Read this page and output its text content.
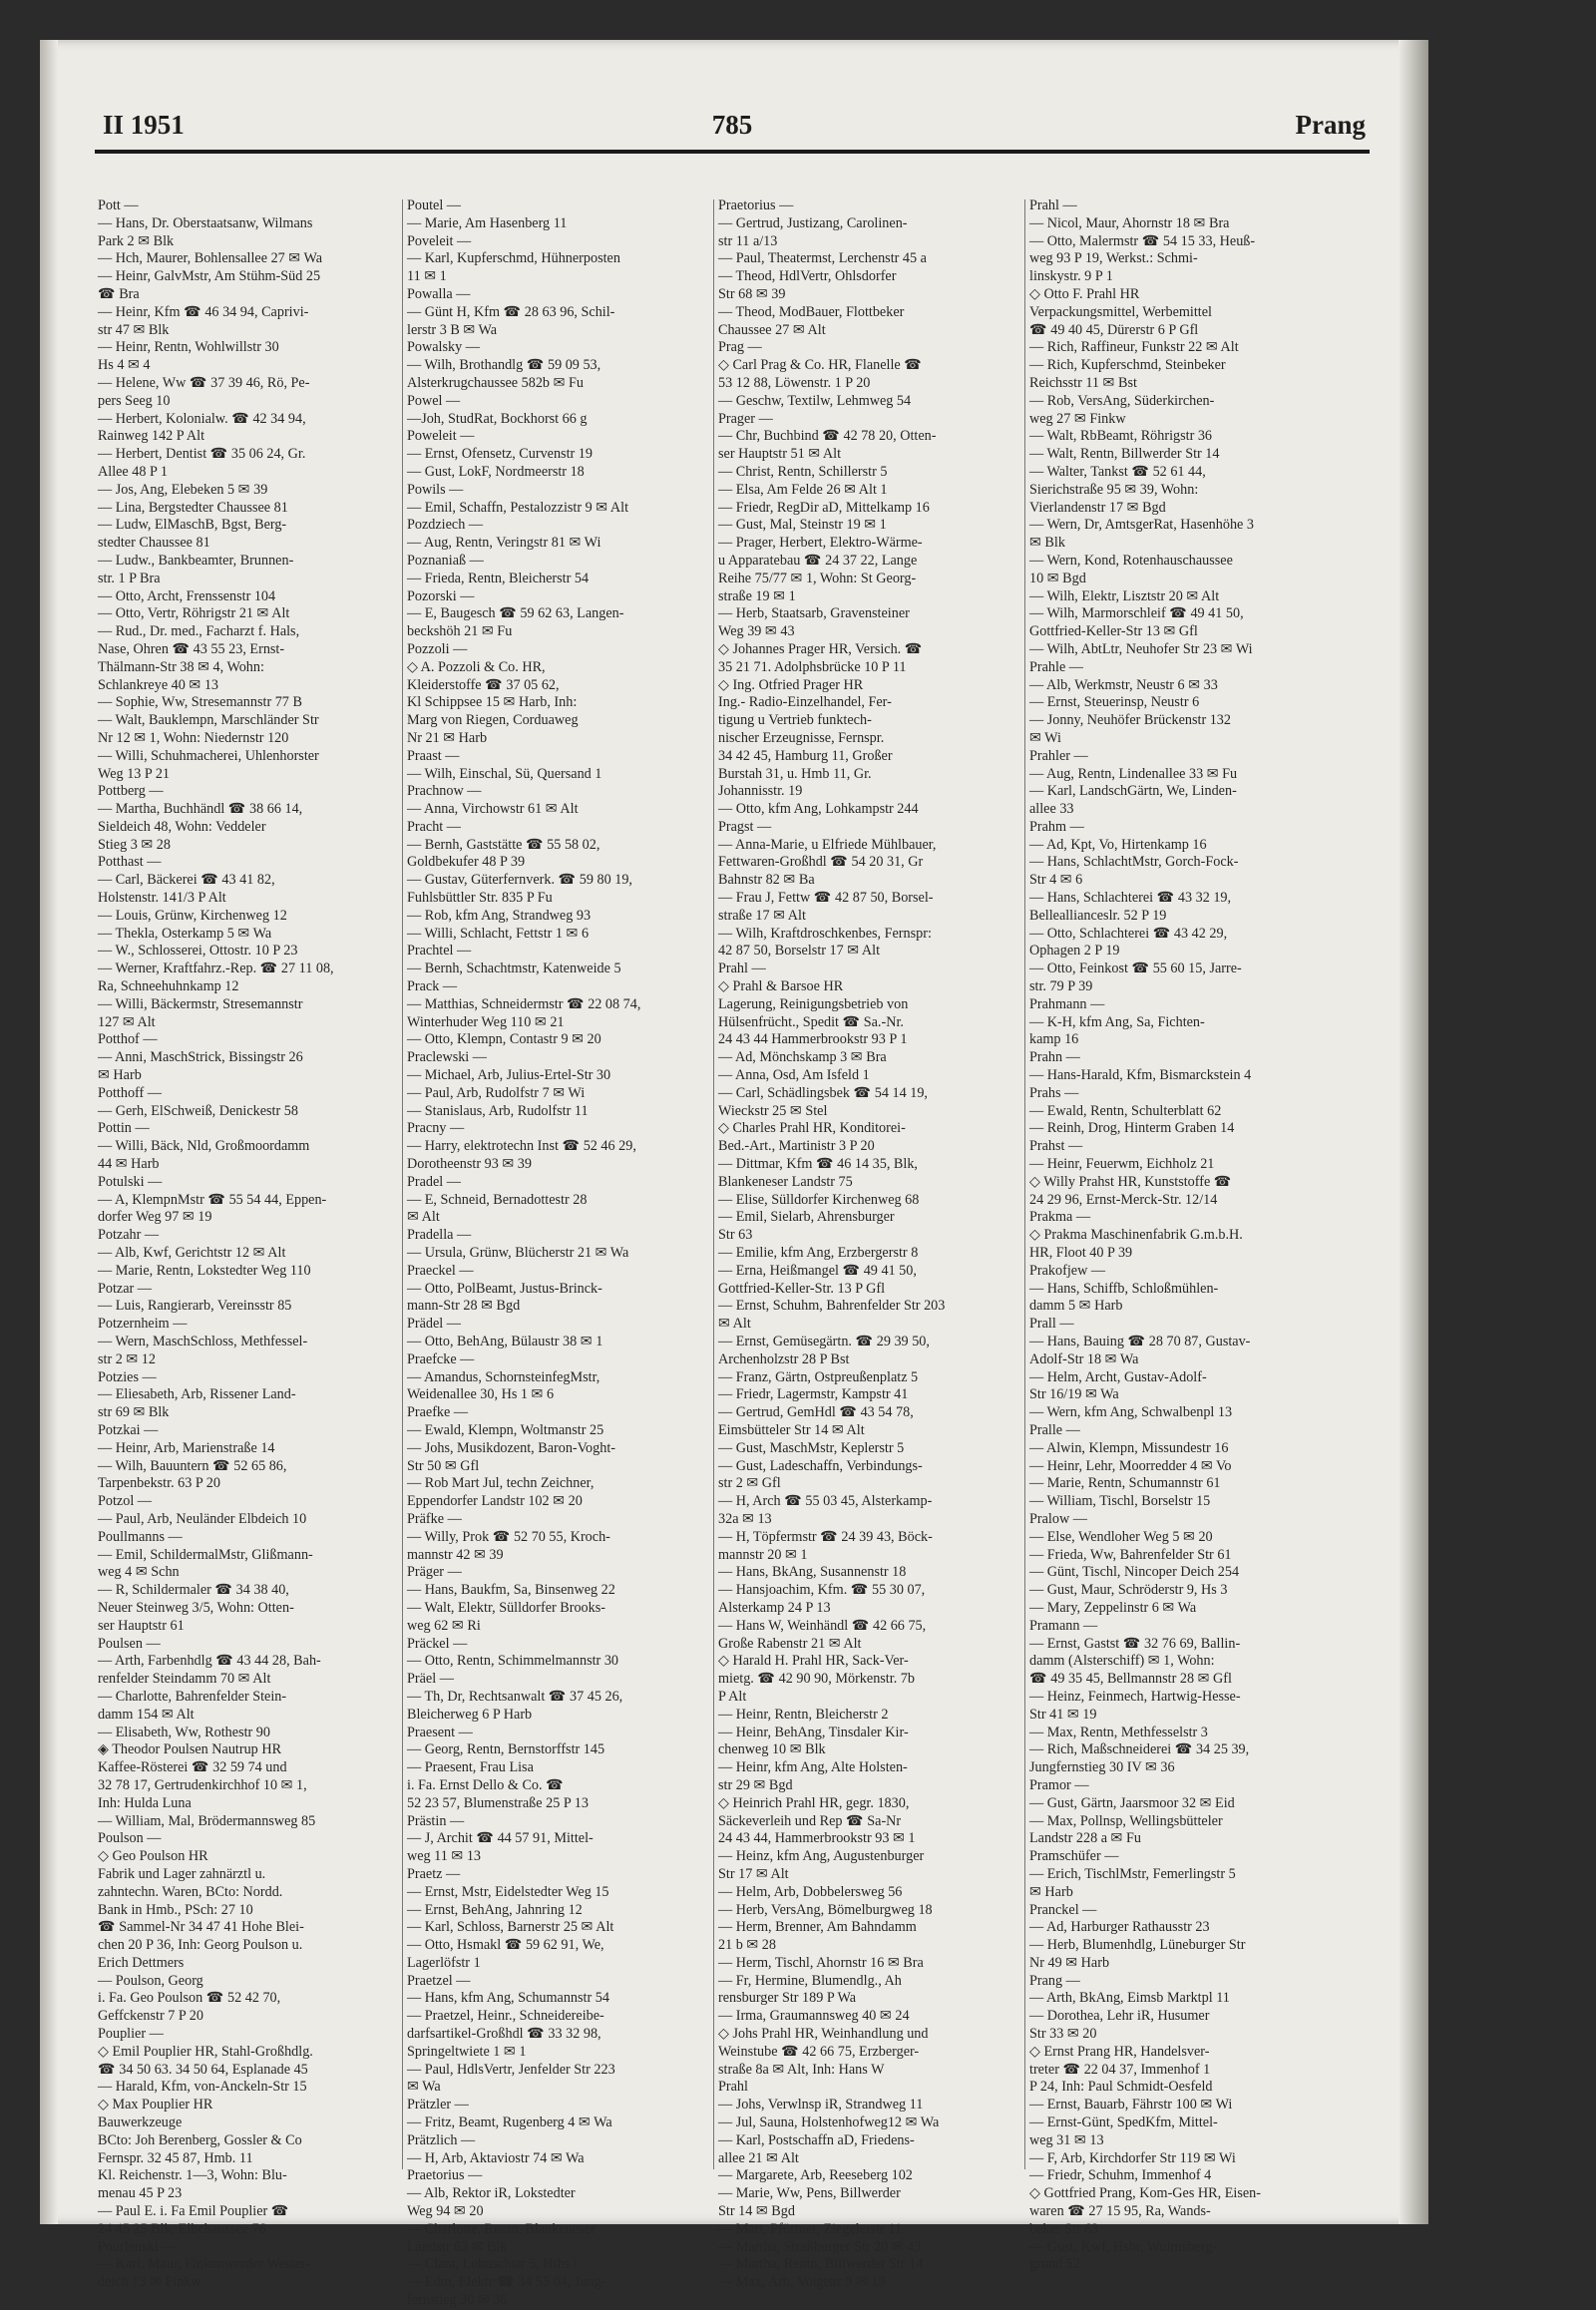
II 1951	785	Prang

Pott —

— Hans, Dr. Oberstaatsanw, Wilmans

Park 2 ✉ Blk

— Hch, Maurer, Bohlensallee 27 ✉ Wa

— Heinr, GalvMstr, Am Stühm-Süd 25

☎ Bra

— Heinr, Kfm ☎ 46 34 94, Caprivi-

str 47 ✉ Blk

— Heinr, Rentn, Wohlwillstr 30

Hs 4 ✉ 4

— Helene, Ww ☎ 37 39 46, Rö, Pe-

pers Seeg 10

— Herbert, Kolonialw. ☎ 42 34 94,

Rainweg 142 P Alt

— Herbert, Dentist ☎ 35 06 24, Gr.

Allee 48 P 1

— Jos, Ang, Elebeken 5 ✉ 39

— Lina, Bergstedter Chaussee 81

— Ludw, ElMaschB, Bgst, Berg-

stedter Chaussee 81

— Ludw., Bankbeamter, Brunnen-

str. 1 P Bra

— Otto, Archt, Frenssenstr 104

— Otto, Vertr, Röhrigstr 21 ✉ Alt

— Rud., Dr. med., Facharzt f. Hals,

Nase, Ohren ☎ 43 55 23, Ernst-

Thälmann-Str 38 ✉ 4, Wohn:

Schlankreye 40 ✉ 13

— Sophie, Ww, Stresemannstr 77 B

— Walt, Bauklempn, Marschländer Str

Nr 12 ✉ 1, Wohn: Niedernstr 120

— Willi, Schuhmacherei, Uhlenhorster

Weg 13 P 21

Pottberg —

— Martha, Buchhändl ☎ 38 66 14,

Sieldeich 48, Wohn: Veddeler

Stieg 3 ✉ 28

Potthast —

— Carl, Bäckerei ☎ 43 41 82,

Holstenstr. 141/3 P Alt

— Louis, Grünw, Kirchenweg 12

— Thekla, Osterkamp 5 ✉ Wa

— W., Schlosserei, Ottostr. 10 P 23

— Werner, Kraftfahrz.-Rep. ☎ 27 11 08,

Ra, Schneehuhnkamp 12

— Willi, Bäckermstr, Stresemannstr

127 ✉ Alt

Potthof —

— Anni, MaschStrick, Bissingstr 26

✉ Harb

Potthoff —

— Gerh, ElSchweiß, Denickestr 58

Pottin —

— Willi, Bäck, Nld, Großmoordamm

44 ✉ Harb

Potulski —

— A, KlempnMstr ☎ 55 54 44, Eppen-

dorfer Weg 97 ✉ 19

Potzahr —

— Alb, Kwf, Gerichtstr 12 ✉ Alt

— Marie, Rentn, Lokstedter Weg 110

Potzar —

— Luis, Rangierarb, Vereinsstr 85

Potzernheim —

— Wern, MaschSchloss, Methfessel-

str 2 ✉ 12

Potzies —

— Eliesabeth, Arb, Rissener Land-

str 69 ✉ Blk

Potzkai —

— Heinr, Arb, Marienstraße 14

— Wilh, Bauuntern ☎ 52 65 86,

Tarpenbekstr. 63 P 20

Potzol —

— Paul, Arb, Neuländer Elbdeich 10

Poullmanns —

— Emil, SchildermalMstr, Glißmann-

weg 4 ✉ Schn

— R, Schildermaler ☎ 34 38 40,

Neuer Steinweg 3/5, Wohn: Otten-

ser Hauptstr 61

Poulsen —

— Arth, Farbenhdlg ☎ 43 44 28, Bah-

renfelder Steindamm 70 ✉ Alt

— Charlotte, Bahrenfelder Stein-

damm 154 ✉ Alt

— Elisabeth, Ww, Rothestr 90

◈ Theodor Poulsen Nautrup HR

Kaffee-Rösterei ☎ 32 59 74 und

32 78 17, Gertrudenkirchhof 10 ✉ 1,

Inh: Hulda Luna

— William, Mal, Brödermannsweg 85

Poulson —

◇ Geo Poulson HR

Fabrik und Lager zahnärztl u.

zahntechn. Waren, BCto: Nordd.

Bank in Hmb., PSch: 27 10

☎ Sammel-Nr 34 47 41 Hohe Blei-

chen 20 P 36, Inh: Georg Poulson u.

Erich Dettmers

— Poulson, Georg

i. Fa. Geo Poulson ☎ 52 42 70,

Geffckenstr 7 P 20

Pouplier —

◇ Emil Pouplier HR, Stahl-Großhdlg.

☎ 34 50 63. 34 50 64, Esplanade 45

— Harald, Kfm, von-Anckeln-Str 15

◇ Max Pouplier HR

Bauwerkzeuge

BCto: Joh Berenberg, Gossler & Co

Fernspr. 32 45 87, Hmb. 11

Kl. Reichenstr. 1—3, Wohn: Blu-

menau 45 P 23

— Paul E. i. Fa Emil Pouplier ☎

24 45 25 Blk, Elbchaussee 76

Pourlenski —

— Karl, Maur, Finkenwerder Wester-

deich 13 ✉ Finkw

Poutel —

— Marie, Am Hasenberg 11

Poveleit —

— Karl, Kupferschmd, Hühnerposten

11 ✉ 1

Powalla —

— Günt H, Kfm ☎ 28 63 96, Schil-

lerstr 3 B ✉ Wa

Powalsky —

— Wilh, Brothandlg ☎ 59 09 53,

Alsterkrugchaussee 582b ✉ Fu

Powel —

—Joh, StudRat, Bockhorst 66 g

Poweleit —

— Ernst, Ofensetz, Curvenstr 19

— Gust, LokF, Nordmeerstr 18

Powils —

— Emil, Schaffn, Pestalozzistr 9 ✉ Alt

Pozdziech —

— Aug, Rentn, Veringstr 81 ✉ Wi

Poznaniaß —

— Frieda, Rentn, Bleicherstr 54

Pozorski —

— E, Baugesch ☎ 59 62 63, Langen-

beckshöh 21 ✉ Fu

Pozzoli —

◇ A. Pozzoli & Co. HR,

Kleiderstoffe ☎ 37 05 62,

Kl Schippsee 15 ✉ Harb, Inh:

Marg von Riegen, Corduaweg

Nr 21 ✉ Harb

Praast —

— Wilh, Einschal, Sü, Quersand 1

Prachnow —

— Anna, Virchowstr 61 ✉ Alt

Pracht —

— Bernh, Gaststätte ☎ 55 58 02,

Goldbekufer 48 P 39

— Gustav, Güterfernverk. ☎ 59 80 19,

Fuhlsbüttler Str. 835 P Fu

— Rob, kfm Ang, Strandweg 93

— Willi, Schlacht, Fettstr 1 ✉ 6

Prachtel —

— Bernh, Schachtmstr, Katenweide 5

Prack —

— Matthias, Schneidermstr ☎ 22 08 74,

Winterhuder Weg 110 ✉ 21

— Otto, Klempn, Contastr 9 ✉ 20

Praclewski —

— Michael, Arb, Julius-Ertel-Str 30

— Paul, Arb, Rudolfstr 7 ✉ Wi

— Stanislaus, Arb, Rudolfstr 11

Pracny —

— Harry, elektrotechn Inst ☎ 52 46 29,

Dorotheenstr 93 ✉ 39

Pradel —

— E, Schneid, Bernadottestr 28

✉ Alt

Pradella —

— Ursula, Grünw, Blücherstr 21 ✉ Wa

Praeckel —

— Otto, PolBeamt, Justus-Brinck-

mann-Str 28 ✉ Bgd

Prädel —

— Otto, BehAng, Bülaustr 38 ✉ 1

Praefcke —

— Amandus, SchornsteinfegMstr,

Weidenallee 30, Hs 1 ✉ 6

Praefke —

— Ewald, Klempn, Woltmanstr 25

— Johs, Musikdozent, Baron-Voght-

Str 50 ✉ Gfl

— Rob Mart Jul, techn Zeichner,

Eppendorfer Landstr 102 ✉ 20

Präfke —

— Willy, Prok ☎ 52 70 55, Kroch-

mannstr 42 ✉ 39

Präger —

— Hans, Baukfm, Sa, Binsenweg 22

— Walt, Elektr, Sülldorfer Brooks-

weg 62 ✉ Ri

Präckel —

— Otto, Rentn, Schimmelmannstr 30

Präel —

— Th, Dr, Rechtsanwalt ☎ 37 45 26,

Bleicherweg 6 P Harb

Praesent —

— Georg, Rentn, Bernstorffstr 145

— Praesent, Frau Lisa

i. Fa. Ernst Dello & Co. ☎

52 23 57, Blumenstraße 25 P 13

Prästin —

— J, Archit ☎ 44 57 91, Mittel-

weg 11 ✉ 13

Praetz —

— Ernst, Mstr, Eidelstedter Weg 15

— Ernst, BehAng, Jahnring 12

— Karl, Schloss, Barnerstr 25 ✉ Alt

— Otto, Hsmakl ☎ 59 62 91, We,

Lagerlöfstr 1

Praetzel —

— Hans, kfm Ang, Schumannstr 54

— Praetzel, Heinr., Schneidereibe-

darfsartikel-Großhdl ☎ 33 32 98,

Springeltwiete 1 ✉ 1

— Paul, HdlsVertr, Jenfelder Str 223

✉ Wa

Prätzler —

— Fritz, Beamt, Rugenberg 4 ✉ Wa

Prätzlich —

— H, Arb, Aktaviostr 74 ✉ Wa

Praetorius —

— Alb, Rektor iR, Lokstedter

Weg 94 ✉ 20

— Charlotte, Rentn, Blankeneser

Landstr 63 ✉ Blk

— Clara, Lobuschstr 5, Hths !

— Edm, Elektr ☎ 34 55 04, Jung-

fernstieg 30 ✉ 36

Praetorius —

— Gertrud, Justizang, Carolinen-

str 11 a/13

— Paul, Theatermst, Lerchenstr 45 a

— Theod, HdlVertr, Ohlsdorfer

Str 68 ✉ 39

— Theod, ModBauer, Flottbeker

Chaussee 27 ✉ Alt

Prag —

◇ Carl Prag & Co. HR, Flanelle ☎

53 12 88, Löwenstr. 1 P 20

— Geschw, Textilw, Lehmweg 54

Prager —

— Chr, Buchbind ☎ 42 78 20, Otten-

ser Hauptstr 51 ✉ Alt

— Christ, Rentn, Schillerstr 5

— Elsa, Am Felde 26 ✉ Alt 1

— Friedr, RegDir aD, Mittelkamp 16

— Gust, Mal, Steinstr 19 ✉ 1

— Prager, Herbert, Elektro-Wärme-

u Apparatebau ☎ 24 37 22, Lange

Reihe 75/77 ✉ 1, Wohn: St Georg-

straße 19 ✉ 1

— Herb, Staatsarb, Gravensteiner

Weg 39 ✉ 43

◇ Johannes Prager HR, Versich. ☎

35 21 71. Adolphsbrücke 10 P 11

◇ Ing. Otfried Prager HR

Ing.- Radio-Einzelhandel, Fer-

tigung u Vertrieb funktech-

nischer Erzeugnisse, Fernspr.

34 42 45, Hamburg 11, Großer

Burstah 31, u. Hmb 11, Gr.

Johannisstr. 19

— Otto, kfm Ang, Lohkampstr 244

Pragst —

— Anna-Marie, u Elfriede Mühlbauer,

Fettwaren-Großhdl ☎ 54 20 31, Gr

Bahnstr 82 ✉ Ba

— Frau J, Fettw ☎ 42 87 50, Borsel-

straße 17 ✉ Alt

— Wilh, Kraftdroschkenbes, Fernspr:

42 87 50, Borselstr 17 ✉ Alt

Prahl —

◇ Prahl & Barsoe HR

Lagerung, Reinigungsbetrieb von

Hülsenfrücht., Spedit ☎ Sa.-Nr.

24 43 44 Hammerbrookstr 93 P 1

— Ad, Mönchskamp 3 ✉ Bra

— Anna, Osd, Am Isfeld 1

— Carl, Schädlingsbek ☎ 54 14 19,

Wieckstr 25 ✉ Stel

◇ Charles Prahl HR, Konditorei-

Bed.-Art., Martinistr 3 P 20

— Dittmar, Kfm ☎ 46 14 35, Blk,

Blankeneser Landstr 75

— Elise, Sülldorfer Kirchenweg 68

— Emil, Sielarb, Ahrensburger

Str 63

— Emilie, kfm Ang, Erzbergerstr 8

— Erna, Heißmangel ☎ 49 41 50,

Gottfried-Keller-Str. 13 P Gfl

— Ernst, Schuhm, Bahrenfelder Str 203

✉ Alt

— Ernst, Gemüsegärtn. ☎ 29 39 50,

Archenholzstr 28 P Bst

— Franz, Gärtn, Ostpreußenplatz 5

— Friedr, Lagermstr, Kampstr 41

— Gertrud, GemHdl ☎ 43 54 78,

Eimsbütteler Str 14 ✉ Alt

— Gust, MaschMstr, Keplerstr 5

— Gust, Ladeschaffn, Verbindungs-

str 2 ✉ Gfl

— H, Arch ☎ 55 03 45, Alsterkamp-

32a ✉ 13

— H, Töpfermstr ☎ 24 39 43, Böck-

mannstr 20 ✉ 1

— Hans, BkAng, Susannenstr 18

— Hansjoachim, Kfm. ☎ 55 30 07,

Alsterkamp 24 P 13

— Hans W, Weinhändl ☎ 42 66 75,

Große Rabenstr 21 ✉ Alt

◇ Harald H. Prahl HR, Sack-Ver-

mietg. ☎ 42 90 90, Mörkenstr. 7b

P Alt

— Heinr, Rentn, Bleicherstr 2

— Heinr, BehAng, Tinsdaler Kir-

chenweg 10 ✉ Blk

— Heinr, kfm Ang, Alte Holsten-

str 29 ✉ Bgd

◇ Heinrich Prahl HR, gegr. 1830,

Säckeverleih und Rep ☎ Sa-Nr

24 43 44, Hammerbrookstr 93 ✉ 1

— Heinz, kfm Ang, Augustenburger

Str 17 ✉ Alt

— Helm, Arb, Dobbelersweg 56

— Herb, VersAng, Bömelburgweg 18

— Herm, Brenner, Am Bahndamm

21 b ✉ 28

— Herm, Tischl, Ahornstr 16 ✉ Bra

— Fr, Hermine, Blumendlg., Ah

rensburger Str 189 P Wa

— Irma, Graumannsweg 40 ✉ 24

◇ Johs Prahl HR, Weinhandlung und

Weinstube ☎ 42 66 75, Erzberger-

straße 8a ✉ Alt, Inh: Hans W

Prahl

— Johs, Verwlnsp iR, Strandweg 11

— Jul, Sauna, Holstenhofweg12 ✉ Wa

— Karl, Postschaffn aD, Friedens-

allee 21 ✉ Alt

— Margarete, Arb, Reeseberg 102

— Marie, Ww, Pens, Billwerder

Str 14 ✉ Bgd

— Mart, Pförtner, Ziegelerstr 11

— Martha, Straßburger Str 20 ✉ 43

— Martha, Rentn, Billwerder Str 14

— Max, Arb, Voigtstr 9 ✉ 19

Prahl —

— Nicol, Maur, Ahornstr 18 ✉ Bra

— Otto, Malermstr ☎ 54 15 33, Heuß-

weg 93 P 19, Werkst.: Schmi-

linskystr. 9 P 1

◇ Otto F. Prahl HR

Verpackungsmittel, Werbemittel

☎ 49 40 45, Dürerstr 6 P Gfl

— Rich, Raffineur, Funkstr 22 ✉ Alt

— Rich, Kupferschmd, Steinbeker

Reichsstr 11 ✉ Bst

— Rob, VersAng, Süderkirchen-

weg 27 ✉ Finkw

— Walt, RbBeamt, Röhrigstr 36

— Walt, Rentn, Billwerder Str 14

— Walter, Tankst ☎ 52 61 44,

Sierichstraße 95 ✉ 39, Wohn:

Vierlandenstr 17 ✉ Bgd

— Wern, Dr, AmtsgerRat, Hasenhöhe 3

✉ Blk

— Wern, Kond, Rotenhauschaussee

10 ✉ Bgd

— Wilh, Elektr, Lisztstr 20 ✉ Alt

— Wilh, Marmorschleif ☎ 49 41 50,

Gottfried-Keller-Str 13 ✉ Gfl

— Wilh, AbtLtr, Neuhofer Str 23 ✉ Wi

Prahle —

— Alb, Werkmstr, Neustr 6 ✉ 33

— Ernst, Steuerinsp, Neustr 6

— Jonny, Neuhöfer Brückenstr 132

✉ Wi

Prahler —

— Aug, Rentn, Lindenallee 33 ✉ Fu

— Karl, LandschGärtn, We, Linden-

allee 33

Prahm —

— Ad, Kpt, Vo, Hirtenkamp 16

— Hans, SchlachtMstr, Gorch-Fock-

Str 4 ✉ 6

— Hans, Schlachterei ☎ 43 32 19,

Belleallianceslr. 52 P 19

— Otto, Schlachterei ☎ 43 42 29,

Ophagen 2 P 19

— Otto, Feinkost ☎ 55 60 15, Jarre-

str. 79 P 39

Prahmann —

— K-H, kfm Ang, Sa, Fichten-

kamp 16

Prahn —

— Hans-Harald, Kfm, Bismarckstein 4

Prahs —

— Ewald, Rentn, Schulterblatt 62

— Reinh, Drog, Hinterm Graben 14

Prahst —

— Heinr, Feuerwm, Eichholz 21

◇ Willy Prahst HR, Kunststoffe ☎

24 29 96, Ernst-Merck-Str. 12/14

Prakma —

◇ Prakma Maschinenfabrik G.m.b.H.

HR, Floot 40 P 39

Prakofjew —

— Hans, Schiffb, Schloßmühlen-

damm 5 ✉ Harb

Prall —

— Hans, Bauing ☎ 28 70 87, Gustav-

Adolf-Str 18 ✉ Wa

— Helm, Archt, Gustav-Adolf-

Str 16/19 ✉ Wa

— Wern, kfm Ang, Schwalbenpl 13

Pralle —

— Alwin, Klempn, Missundestr 16

— Heinr, Lehr, Moorredder 4 ✉ Vo

— Marie, Rentn, Schumannstr 61

— William, Tischl, Borselstr 15

Pralow —

— Else, Wendloher Weg 5 ✉ 20

— Frieda, Ww, Bahrenfelder Str 61

— Günt, Tischl, Nincoper Deich 254

— Gust, Maur, Schröderstr 9, Hs 3

— Mary, Zeppelinstr 6 ✉ Wa

Pramann —

— Ernst, Gastst ☎ 32 76 69, Ballin-

damm (Alsterschiff) ✉ 1, Wohn:

☎ 49 35 45, Bellmannstr 28 ✉ Gfl

— Heinz, Feinmech, Hartwig-Hesse-

Str 41 ✉ 19

— Max, Rentn, Methfesselstr 3

— Rich, Maßschneiderei ☎ 34 25 39,

Jungfernstieg 30 IV ✉ 36

Pramor —

— Gust, Gärtn, Jaarsmoor 32 ✉ Eid

— Max, Pollnsp, Wellingsbütteler

Landstr 228 a ✉ Fu

Pramschüfer —

— Erich, TischlMstr, Femerlingstr 5

✉ Harb

Pranckel —

— Ad, Harburger Rathausstr 23

— Herb, Blumenhdlg, Lüneburger Str

Nr 49 ✉ Harb

Prang —

— Arth, BkAng, Eimsb Marktpl 11

— Dorothea, Lehr iR, Husumer

Str 33 ✉ 20

◇ Ernst Prang HR, Handelsver-

treter ☎ 22 04 37, Immenhof 1

P 24, Inh: Paul Schmidt-Oesfeld

— Ernst, Bauarb, Fährstr 100 ✉ Wi

— Ernst-Günt, SpedKfm, Mittel-

weg 31 ✉ 13

— F, Arb, Kirchdorfer Str 119 ✉ Wi

— Friedr, Schuhm, Immenhof 4

◇ Gottfried Prang, Kom-Ges HR, Eisen-

waren ☎ 27 15 95, Ra, Wands-

beker Str 63

— Gust, Kwf, Hsbr, Wulmsberg-

grund 52
